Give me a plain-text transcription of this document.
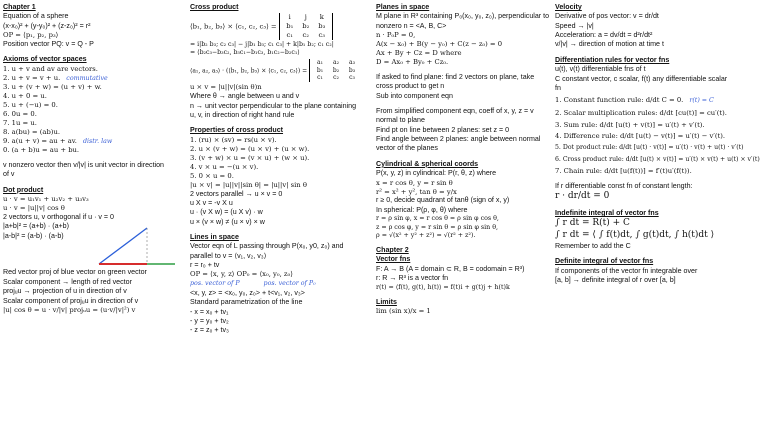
Chapter 1
Equation of a sphere
(x-x₀)² + (y-y₀)² + (z-z₀)² = r²
OP = ⟨p₁, p₂, p₃⟩
Position vector PQ: v = Q - P
Axioms of vector spaces
1. u + v and av are vectors.
2. u + v = v + u. commutative
3. u + (v + w) = (u + v) + w.
4. u + 0 = u.
5. u + (−u) = 0.
6. 0u = 0.
7. 1u = u.
8. a(bu) = (ab)u.
9. a(u + v) = au + av. distr. law
0. (a + b)u = au + bu.
v nonzero vector then v/|v| is unit vector in direction of v
Dot product
u · v = u₁v₁ + u₂v₂ + u₃v₃
u · v = |u||v| cos θ
2 vectors u, v orthogonal if u · v = 0
|a+b|² = (a+b) · (a+b)
|a-b|² = (a-b) · (a-b)
Red vector proj of blue vector on green vector
Scalar component → length of red vector
projᵤu → projection of u in direction of v
Scalar component of projᵤu in direction of v
|u| cos θ = u · v/|v| projᵤu = (u·v/|v|²) v
Cross product
⟨b₁, b₂, b₃⟩ × ⟨c₁, c₂, c₃⟩ = i j k
b₁ b₂ b₃
c₁ c₂ c₃
= i|b₂ b₃; c₂ c₃| − j|b₁ b₃; c₁ c₃| + k|b₁ b₂; c₁ c₂|
= ⟨b₂c₃−b₃c₂, b₃c₁−b₁c₃, b₁c₂−b₂c₁⟩
⟨a₁, a₂, a₃⟩ · (⟨b₁, b₂, b₃⟩ × ⟨c₁, c₂, c₃⟩) = a₁ a₂ a₃
b₁ b₂ b₃
c₁ c₂ c₃
u × v = |u||v|(sin θ)n
Where θ → angle between u and v
n → unit vector perpendicular to the plane containing u, v, in direction of right hand rule
Properties of cross product
1. (ru) × (sv) = rs(u × v).
2. u × (v + w) = (u × v) + (u × w).
3. (v + w) × u = (v × u) + (w × u).
4. v × u = −(u × v).
5. 0 × u = 0.
|u × v| = |u||v||sin θ| = |u||v| sin θ
2 vectors parallel → u × v = 0
u X v = -v X u
u · (v X w) = (u X v) · w
u × (v × w) ≠ (u × v) × w
Lines in space
Vector eqn of L passing through P(x₀, y0, z₀) and parallel to v = ⟨v₁, v₂, v₃⟩
r = r₀ + tv
OP = ⟨x, y, z⟩ OP₀ = ⟨x₀, y₀, z₀⟩
pos. vector of P	pos. vector of P₀
<x, y, z> = <x₀, y₀, z₀> + t<v₁, v₂, v₃>
Standard parametrization of the line
- x = x₀ + tv₁
- y = y₀ + tv₂
- z = z₀ + tv₃
Planes in space
M plane in R³ containing P₀(x₀, y₀, z₀), perpendicular to nonzero n = <A, B, C>
n · P₀P = 0,
A(x − x₀) + B(y − y₀) + C(z − z₀) = 0
Ax + By + Cz = D where
D = Ax₀ + By₀ + Cz₀.
If asked to find plane: find 2 vectors on plane, take cross product to get n
Sub into component eqn
From simplified component eqn, coeff of x, y, z = v normal to plane
Find pt on line between 2 planes: set z = 0
Find angle between 2 planes: angle between normal vector of the planes
Cylindrical & spherical coords
P(x, y, z) in cylindrical: P(r, θ, z) where
x = r cos θ, y = r sin θ
r² = x² + y², tan θ = y/x
r ≥ 0, decide quadrant of tanθ (sign of x, y)
In spherical: P(ρ, φ, θ) where
r = ρ sin φ, x = r cos θ = ρ sin φ cos θ,
z = ρ cos φ, y = r sin θ = ρ sin φ sin θ,
ρ = √(x² + y² + z²) = √(r² + z²).
Chapter 2
Vector fns
F: A → B (A = domain ⊂ R, B = codomain = R³)
r: R → R³ is a vector fn
r(t) = ⟨f(t), g(t), h(t)⟩ = f(t)i + g(t)j + h(t)k
Limits
lim (sin x)/x = 1
Velocity
Derivative of pos vector: v = dr/dt
Speed → |v|
Acceleration: a = dv/dt = d²r/dt²
v/|v| → direction of motion at time t
Differentiation rules for vector fns
u(t), v(t) differentiable fns of t
C constant vector, c scalar, f(t) any differentiable scalar fn
1. Constant function rule: d/dt C = 0. r(t) = C
2. Scalar multiplication rules: d/dt [cu(t)] = cu′(t).
3. Sum rule: d/dt [u(t) + v(t)] = u′(t) + v′(t).
4. Difference rule: d/dt [u(t) − v(t)] = u′(t) − v′(t).
5. Dot product rule: d/dt [u(t) · v(t)] = u′(t) · v(t) + u(t) · v′(t)
6. Cross product rule: d/dt [u(t) × v(t)] = u′(t) × v(t) + u(t) × v′(t)
7. Chain rule: d/dt [u(f(t))] = f′(t)u′(f(t)).
If r differentiable const fn of constant length:
r · dr/dt = 0
Indefinite integral of vector fns
∫ r dt = R(t) + C
∫ r dt = ⟨ ∫ f(t)dt, ∫ g(t)dt, ∫ h(t)dt ⟩
Remember to add the C
Definite integral of vector fns
If components of the vector fn integrable over
[a, b] → definite integral of r over [a, b]
